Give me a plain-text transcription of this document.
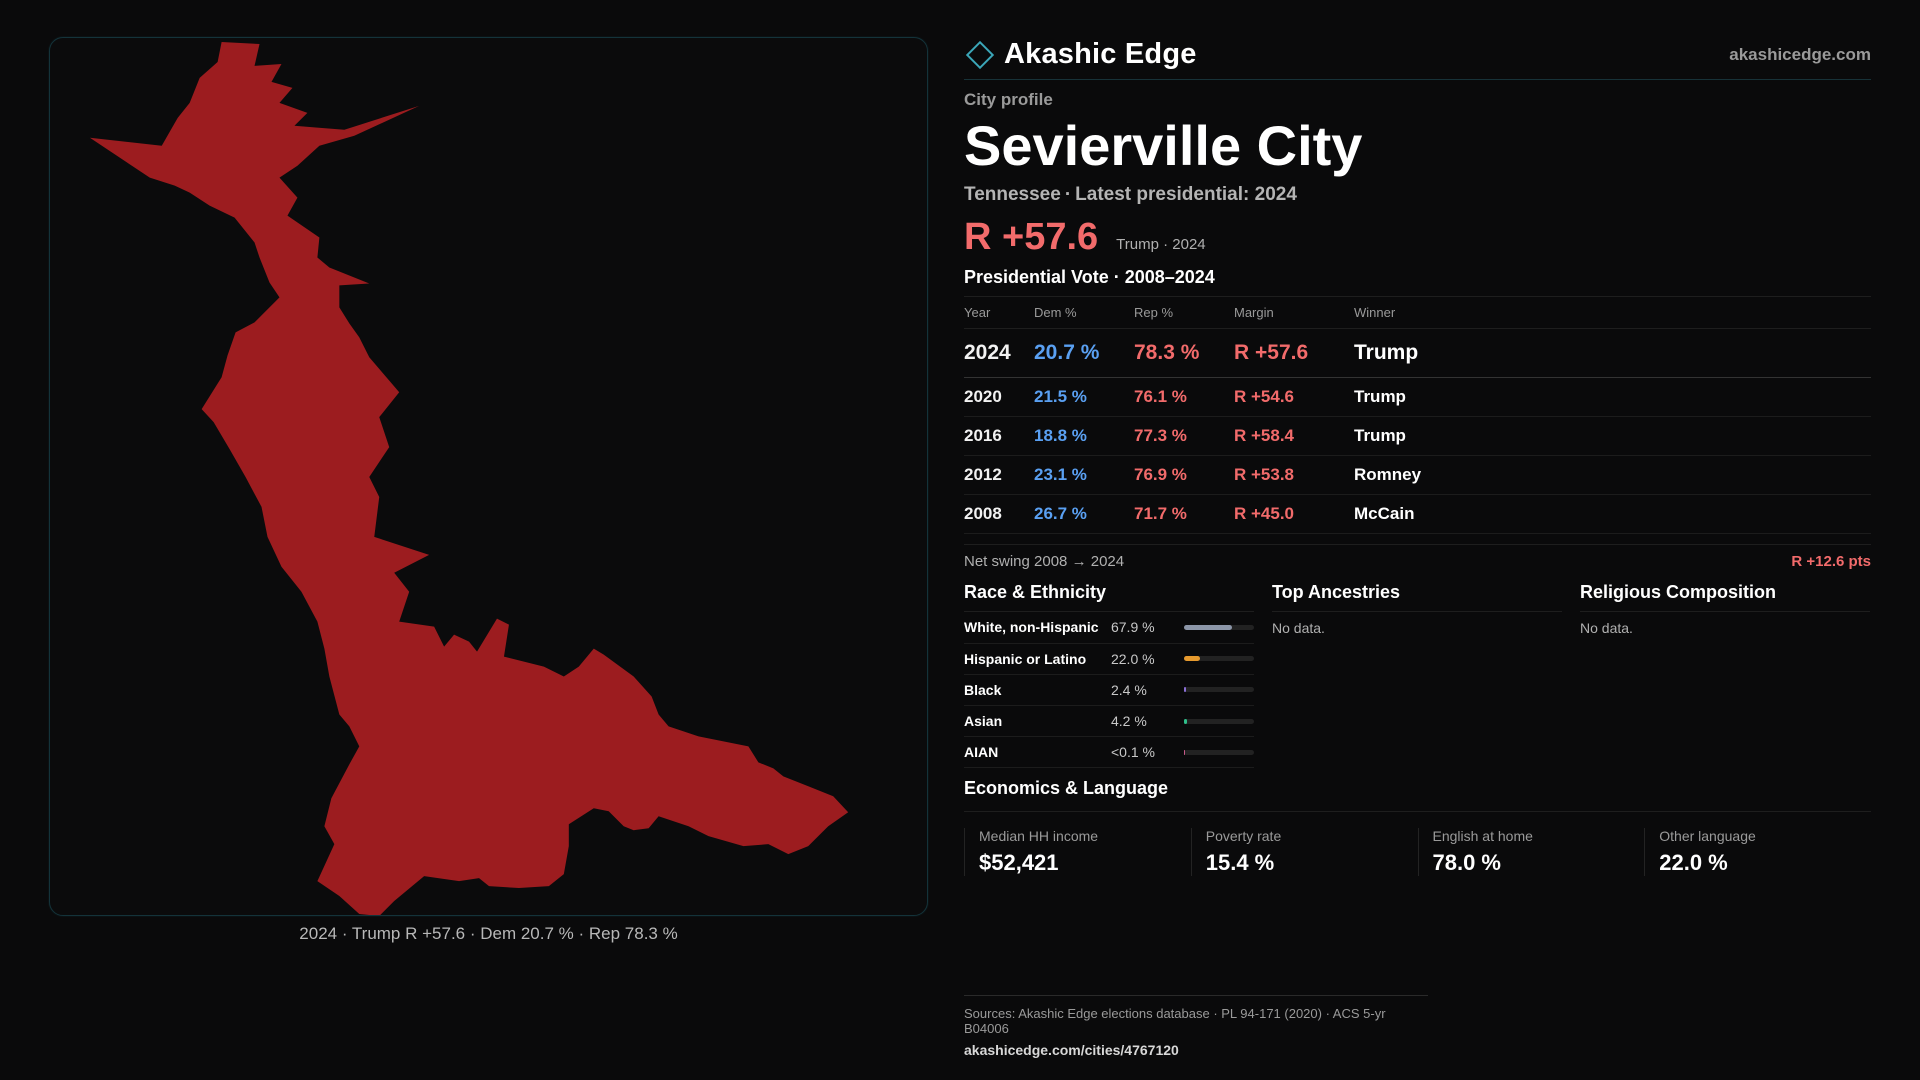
2024 · Trump R +57.6 · Dem 20.7 % · Rep 78.3 %
Akashic Edge	akashicedge.com
City profile
Sevierville City
Tennessee · Latest presidential: 2024
R +57.6 Trump · 2024
Presidential Vote · 2008–2024
Year	Dem %	Rep %	Margin	Winner
2024	20.7 %	78.3 %	R +57.6	Trump
2020	21.5 %	76.1 %	R +54.6	Trump
2016	18.8 %	77.3 %	R +58.4	Trump
2012	23.1 %	76.9 %	R +53.8	Romney
2008	26.7 %	71.7 %	R +45.0	McCain
Net swing 2008 → 2024	R +12.6 pts
Race & Ethnicity
White, non-Hispanic 67.9 %
Hispanic or Latino	22.0 %
Black	2.4 %
Asian	4.2 %
AIAN	<0.1 %
Top Ancestries
No data.
Religious Composition
No data.
Economics & Language
Median HH income
$52,421
Poverty rate
15.4 %
English at home
78.0 %
Other language
22.0 %
Sources: Akashic Edge elections database · PL 94-171 (2020) · ACS 5-yr B04006
akashicedge.com/cities/4767120
